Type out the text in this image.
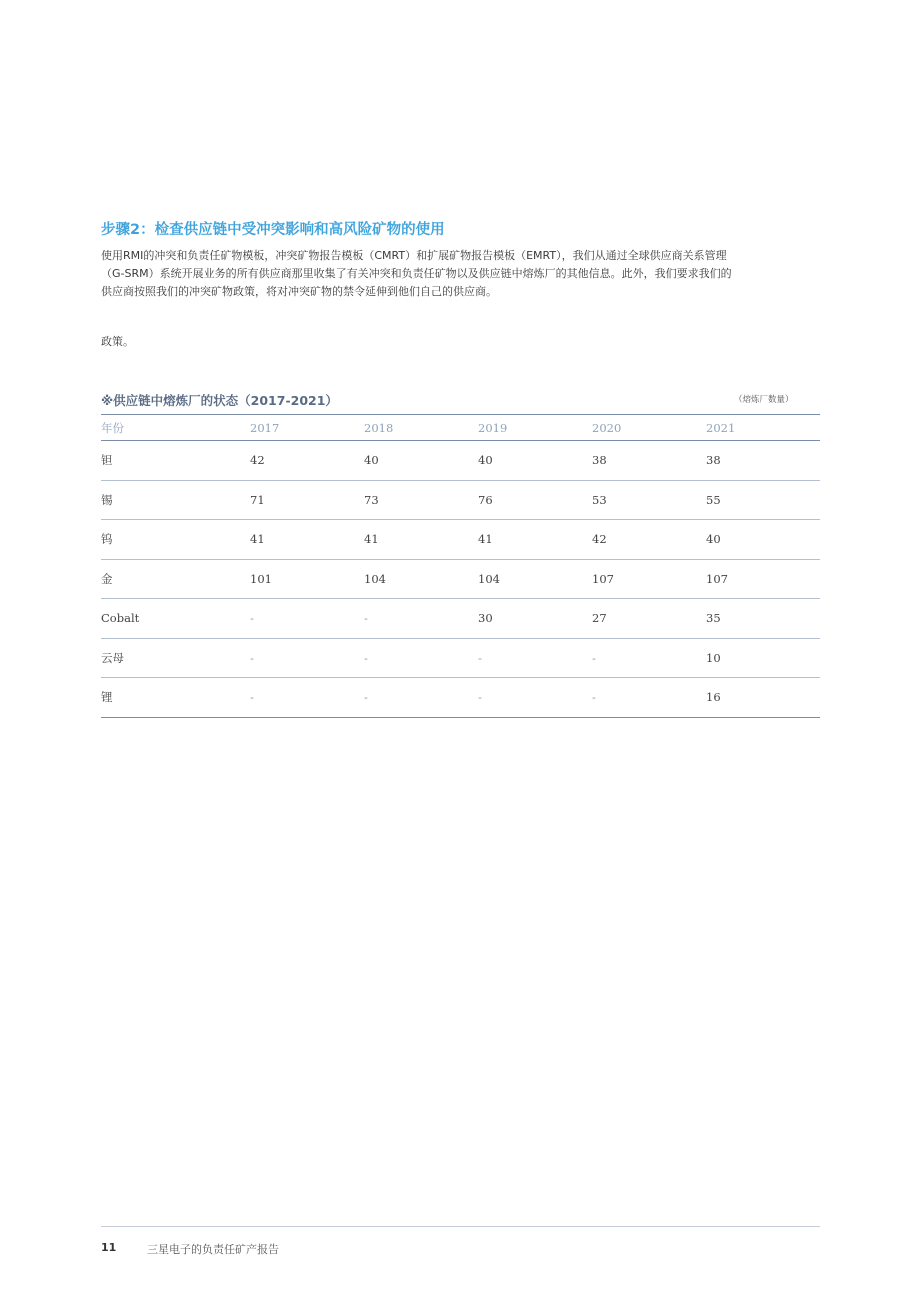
步骤2：检查供应链中受冲突影响和高风险矿物的使用

使用RMI的冲突和负责任矿物模板，冲突矿物报告模板（CMRT）和扩展矿物报告模板（EMRT），我们从通过全球供应商关系管理

（G-SRM）系统开展业务的所有供应商那里收集了有关冲突和负责任矿物以及供应链中熔炼厂的其他信息。此外，我们要求我们的

供应商按照我们的冲突矿物政策，将对冲突矿物的禁令延伸到他们自己的供应商。

政策。
※供应链中熔炼厂的状态（2017-2021）	（熔炼厂数量）
年份	2017	2018	2019	2020	2021
钽	42	40	40	38	38
锡	71	73	76	53	55
钨	41	41	41	42	40
金	101	104	104	107	107
Cobalt	-	-	30	27	35
云母	-	-	-	-	10
锂	-	-	-	-	16
11	三星电子的负责任矿产报告
